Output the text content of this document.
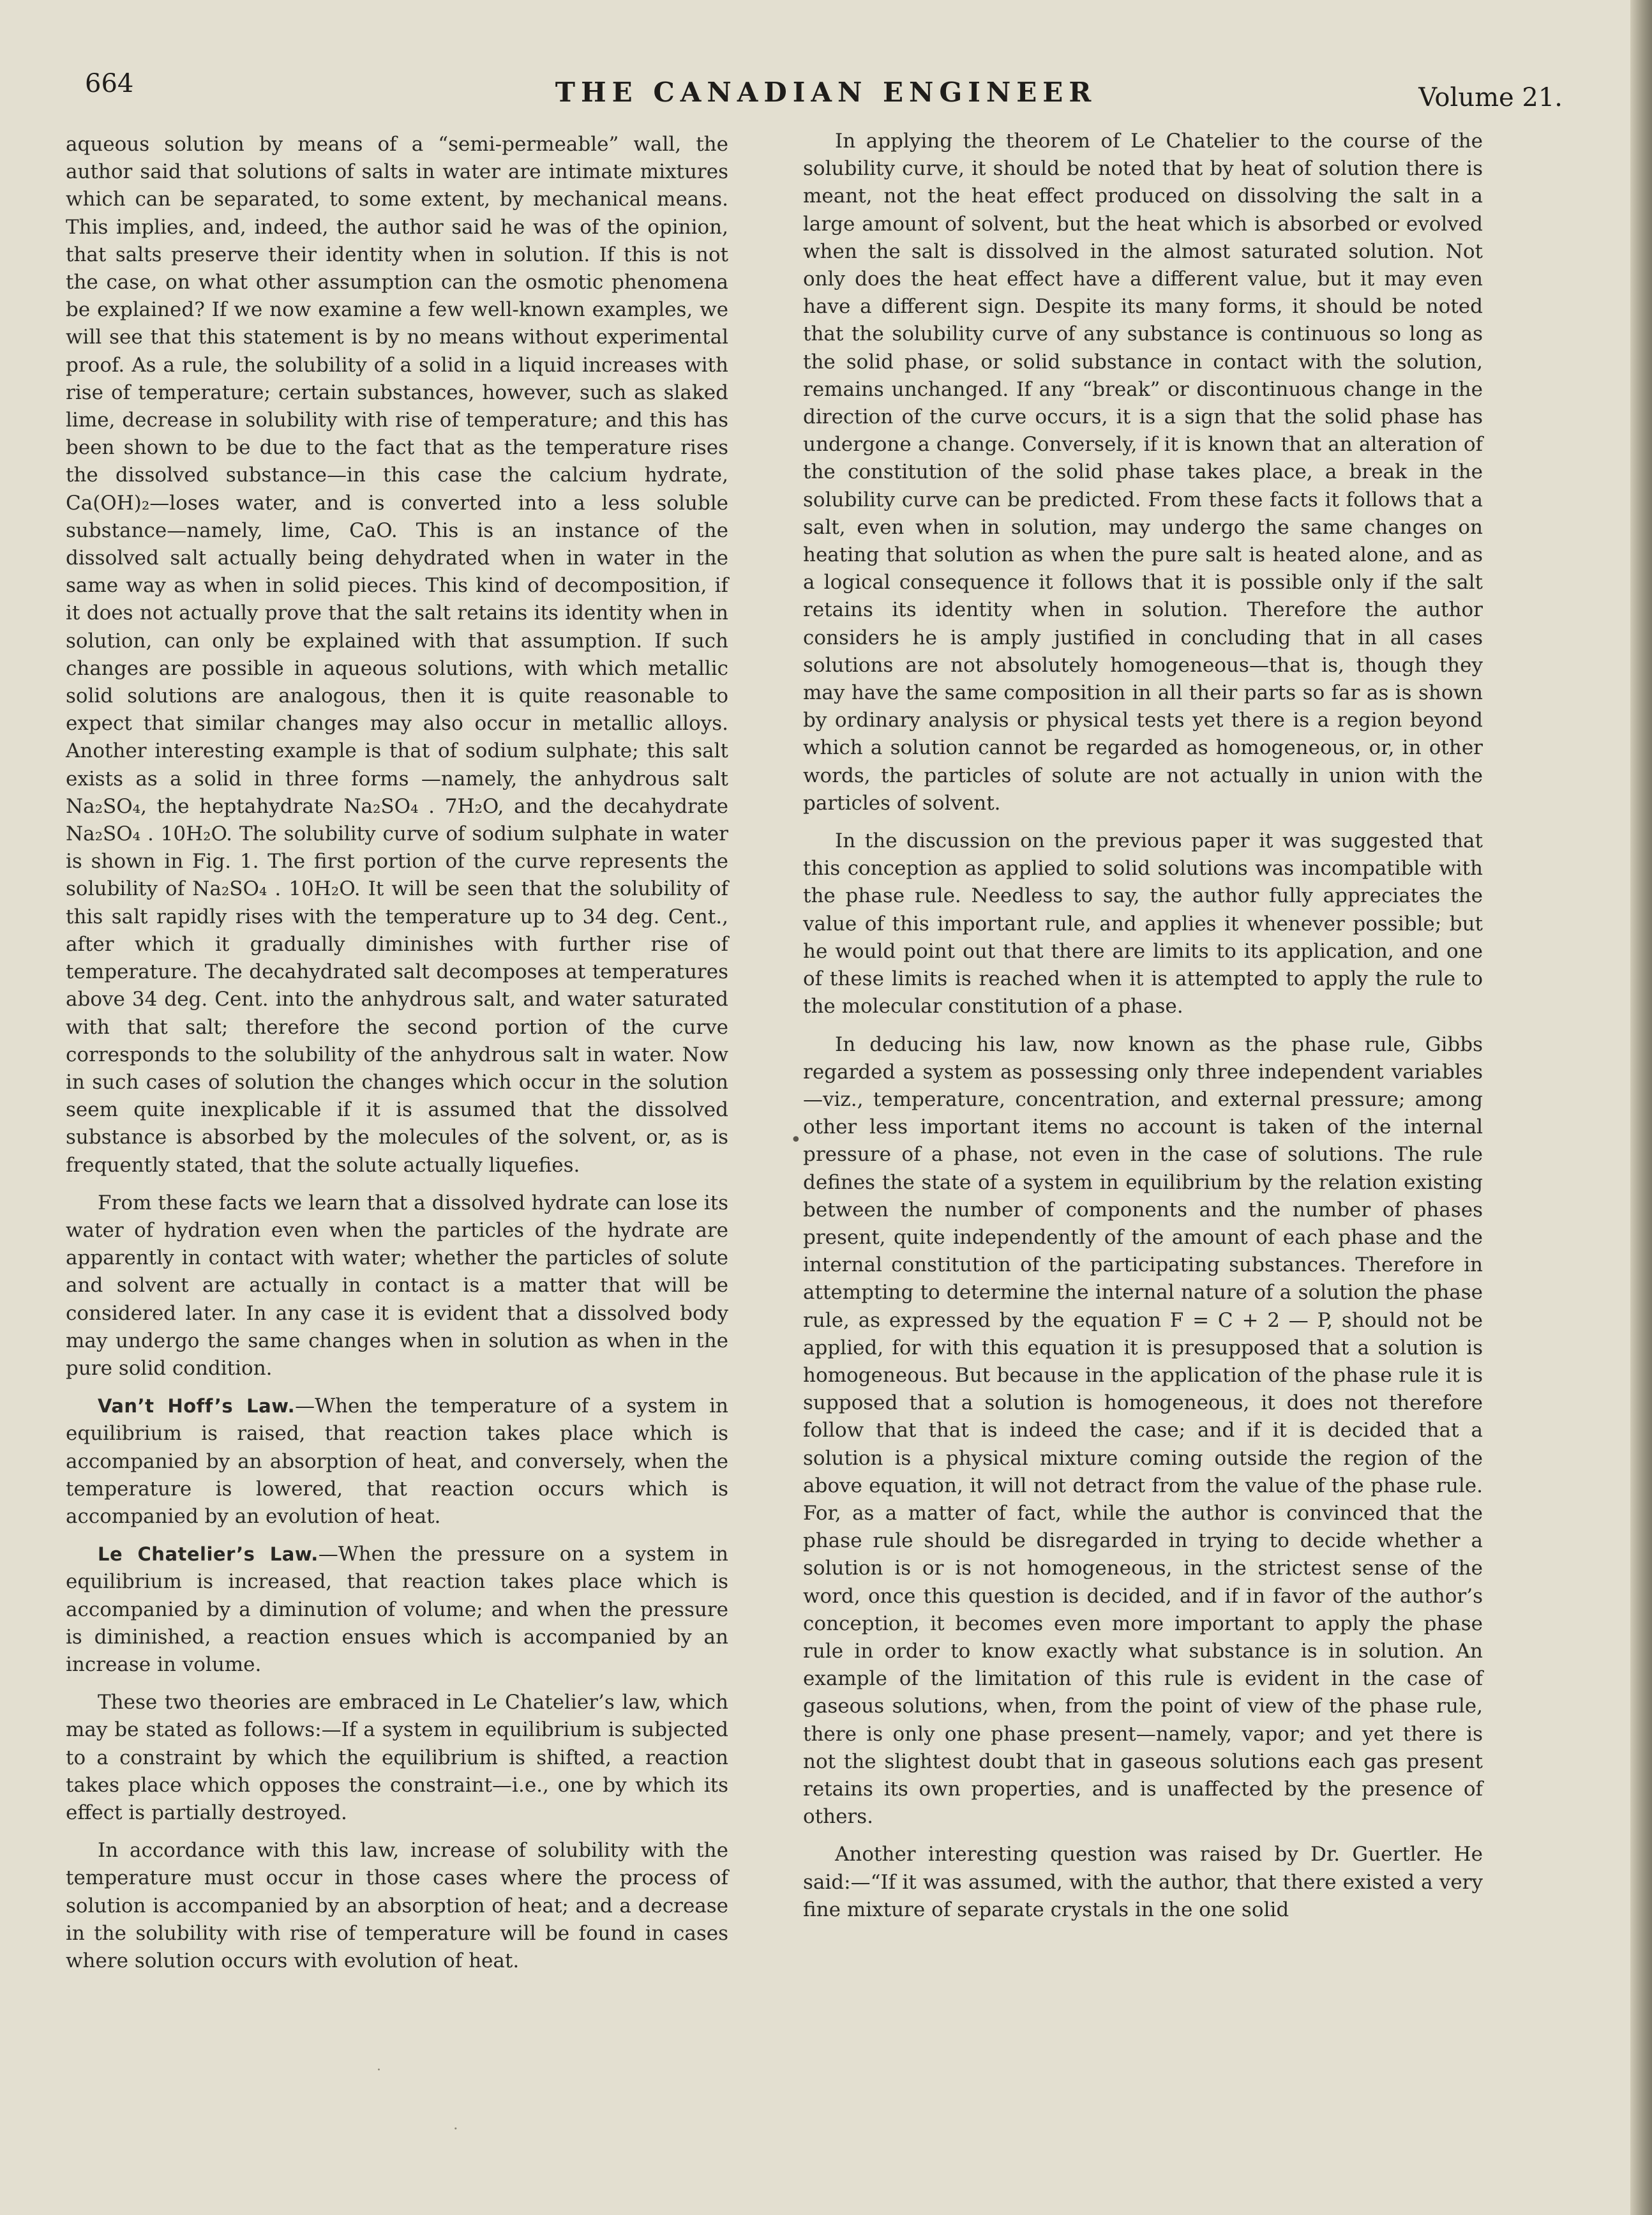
664	THE CANADIAN ENGINEER	Volume 21.

aqueous solution by means of a “semi-permeable” wall, the author said that solutions of salts in water are intimate mixtures which can be separated, to some extent, by mechanical means. This implies, and, indeed, the author said he was of the opinion, that salts preserve their identity when in solution. If this is not the case, on what other assumption can the osmotic phenomena be explained? If we now examine a few well-known examples, we will see that this statement is by no means without experimental proof. As a rule, the solubility of a solid in a liquid increases with rise of temperature; certain substances, however, such as slaked lime, decrease in solubility with rise of temperature; and this has been shown to be due to the fact that as the temperature rises the dissolved substance—in this case the calcium hydrate, Ca(OH)₂—loses water, and is converted into a less soluble substance—namely, lime, CaO. This is an instance of the dissolved salt actually being dehydrated when in water in the same way as when in solid pieces. This kind of decomposition, if it does not actually prove that the salt retains its identity when in solution, can only be explained with that assumption. If such changes are possible in aqueous solutions, with which metallic solid solutions are analogous, then it is quite reasonable to expect that similar changes may also occur in metallic alloys. Another interesting example is that of sodium sulphate; this salt exists as a solid in three forms —namely, the anhydrous salt Na₂SO₄, the heptahydrate Na₂SO₄ . 7H₂O, and the decahydrate Na₂SO₄ . 10H₂O. The solubility curve of sodium sulphate in water is shown in Fig. 1. The first portion of the curve represents the solubility of Na₂SO₄ . 10H₂O. It will be seen that the solubility of this salt rapidly rises with the temperature up to 34 deg. Cent., after which it gradually diminishes with further rise of temperature. The decahydrated salt decomposes at temperatures above 34 deg. Cent. into the anhydrous salt, and water saturated with that salt; therefore the second portion of the curve corresponds to the solubility of the anhydrous salt in water. Now in such cases of solution the changes which occur in the solution seem quite inexplicable if it is assumed that the dissolved substance is absorbed by the molecules of the solvent, or, as is frequently stated, that the solute actually liquefies.

From these facts we learn that a dissolved hydrate can lose its water of hydration even when the particles of the hydrate are apparently in contact with water; whether the particles of solute and solvent are actually in contact is a matter that will be considered later. In any case it is evident that a dissolved body may undergo the same changes when in solution as when in the pure solid condition.

Van’t Hoff’s Law.—When the temperature of a system in equilibrium is raised, that reaction takes place which is accompanied by an absorption of heat, and conversely, when the temperature is lowered, that reaction occurs which is accompanied by an evolution of heat.

Le Chatelier’s Law.—When the pressure on a system in equilibrium is increased, that reaction takes place which is accompanied by a diminution of volume; and when the pressure is diminished, a reaction ensues which is accompanied by an increase in volume.

These two theories are embraced in Le Chatelier’s law, which may be stated as follows:—If a system in equilibrium is subjected to a constraint by which the equilibrium is shifted, a reaction takes place which opposes the constraint—i.e., one by which its effect is partially destroyed.

In accordance with this law, increase of solubility with the temperature must occur in those cases where the process of solution is accompanied by an absorption of heat; and a decrease in the solubility with rise of temperature will be found in cases where solution occurs with evolution of heat.

In applying the theorem of Le Chatelier to the course of the solubility curve, it should be noted that by heat of solution there is meant, not the heat effect produced on dissolving the salt in a large amount of solvent, but the heat which is absorbed or evolved when the salt is dissolved in the almost saturated solution. Not only does the heat effect have a different value, but it may even have a different sign. Despite its many forms, it should be noted that the solubility curve of any substance is continuous so long as the solid phase, or solid substance in contact with the solution, remains unchanged. If any “break” or discontinuous change in the direction of the curve occurs, it is a sign that the solid phase has undergone a change. Conversely, if it is known that an alteration of the constitution of the solid phase takes place, a break in the solubility curve can be predicted. From these facts it follows that a salt, even when in solution, may undergo the same changes on heating that solution as when the pure salt is heated alone, and as a logical consequence it follows that it is possible only if the salt retains its identity when in solution. Therefore the author considers he is amply justified in concluding that in all cases solutions are not absolutely homogeneous—that is, though they may have the same composition in all their parts so far as is shown by ordinary analysis or physical tests yet there is a region beyond which a solution cannot be regarded as homogeneous, or, in other words, the particles of solute are not actually in union with the particles of solvent.

In the discussion on the previous paper it was suggested that this conception as applied to solid solutions was incompatible with the phase rule. Needless to say, the author fully appreciates the value of this important rule, and applies it whenever possible; but he would point out that there are limits to its application, and one of these limits is reached when it is attempted to apply the rule to the molecular constitution of a phase.

In deducing his law, now known as the phase rule, Gibbs regarded a system as possessing only three independent variables—viz., temperature, concentration, and external pressure; among other less important items no account is taken of the internal pressure of a phase, not even in the case of solutions. The rule defines the state of a system in equilibrium by the relation existing between the number of components and the number of phases present, quite independently of the amount of each phase and the internal constitution of the participating substances. Therefore in attempting to determine the internal nature of a solution the phase rule, as expressed by the equation F = C + 2 — P, should not be applied, for with this equation it is presupposed that a solution is homogeneous. But because in the application of the phase rule it is supposed that a solution is homogeneous, it does not therefore follow that that is indeed the case; and if it is decided that a solution is a physical mixture coming outside the region of the above equation, it will not detract from the value of the phase rule. For, as a matter of fact, while the author is convinced that the phase rule should be disregarded in trying to decide whether a solution is or is not homogeneous, in the strictest sense of the word, once this question is decided, and if in favor of the author’s conception, it becomes even more important to apply the phase rule in order to know exactly what substance is in solution. An example of the limitation of this rule is evident in the case of gaseous solutions, when, from the point of view of the phase rule, there is only one phase present—namely, vapor; and yet there is not the slightest doubt that in gaseous solutions each gas present retains its own properties, and is unaffected by the presence of others.

Another interesting question was raised by Dr. Guertler. He said:—“If it was assumed, with the author, that there existed a very fine mixture of separate crystals in the one solid

•
·
·
